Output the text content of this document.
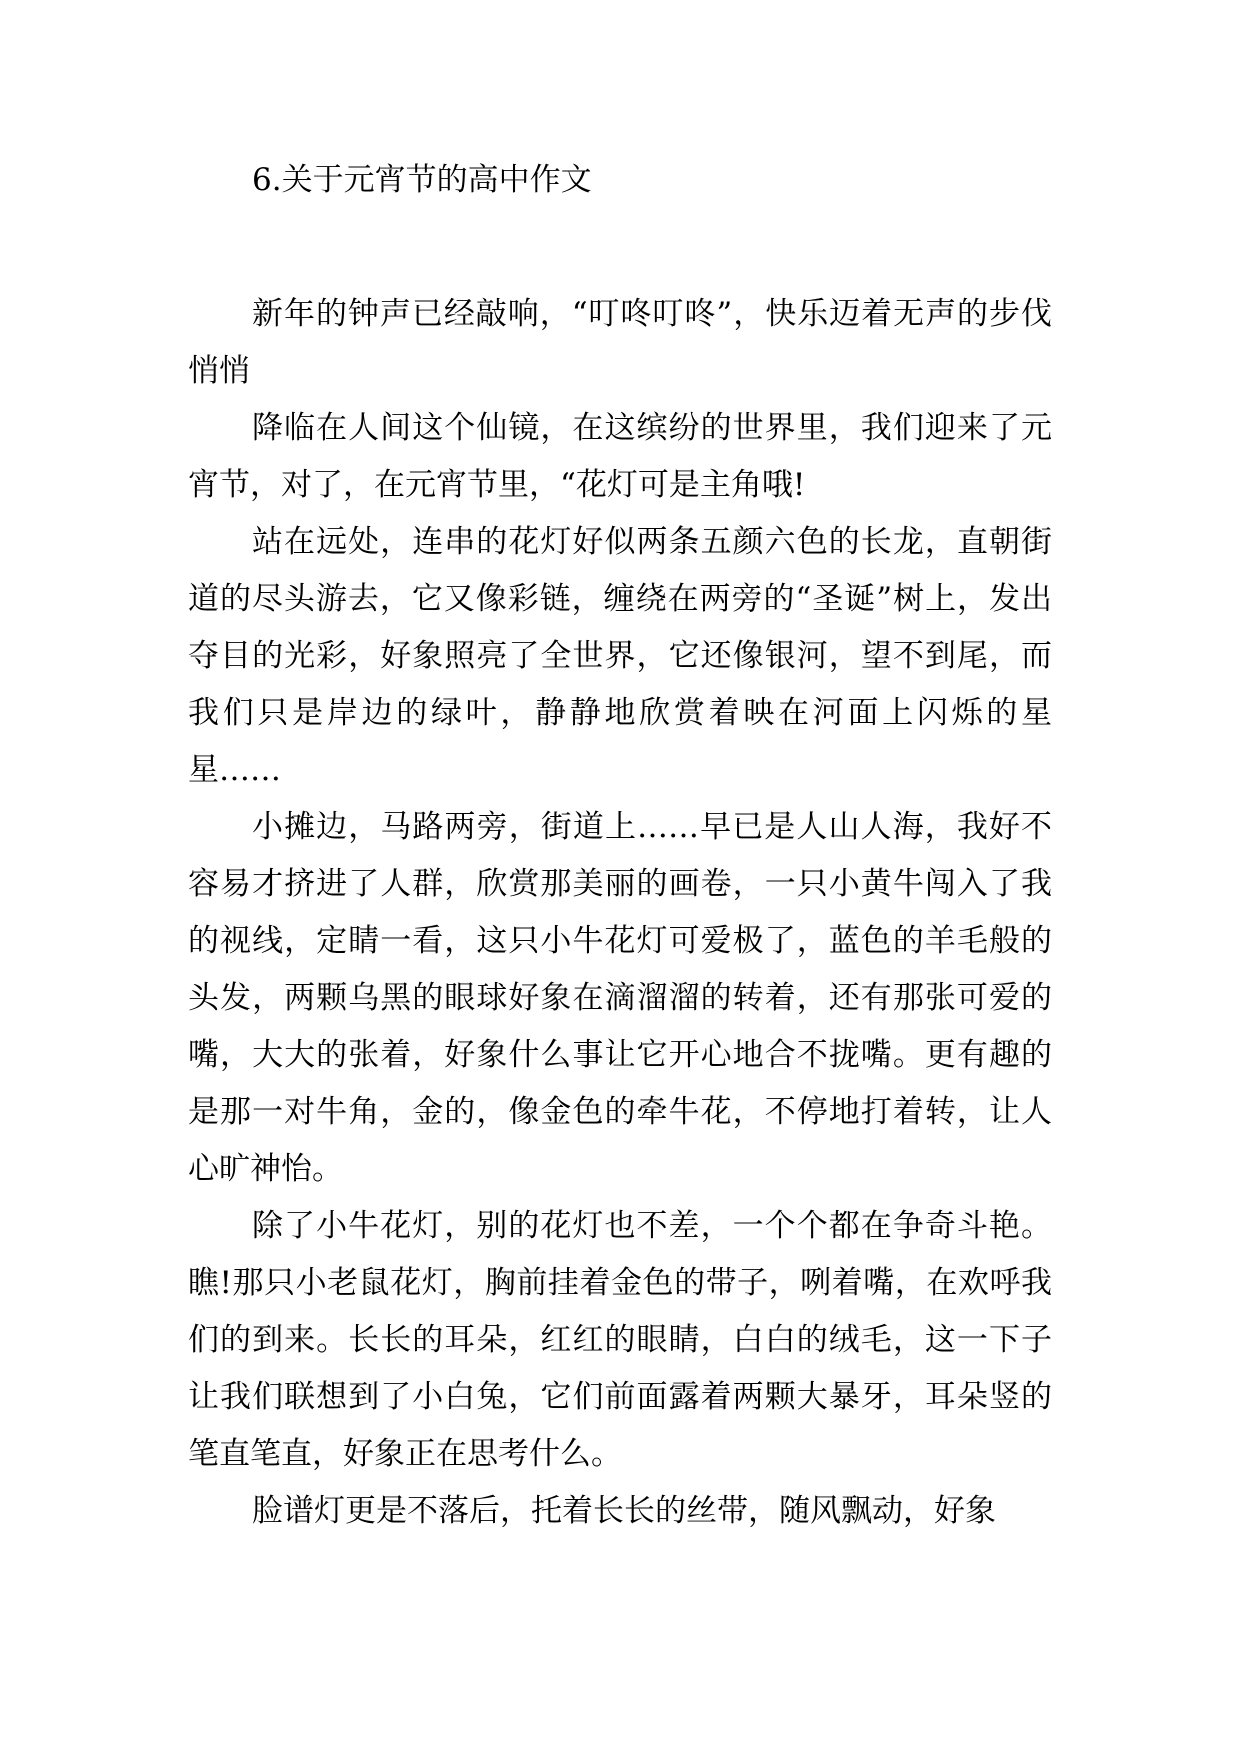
6.关于元宵节的高中作文

新年的钟声已经敲响，“叮咚叮咚”，快乐迈着无声的步伐悄悄

降临在人间这个仙镜，在这缤纷的世界里，我们迎来了元宵节，对了，在元宵节里，“花灯可是主角哦!

站在远处，连串的花灯好似两条五颜六色的长龙，直朝街道的尽头游去，它又像彩链，缠绕在两旁的“圣诞”树上，发出夺目的光彩，好象照亮了全世界，它还像银河，望不到尾，而我们只是岸边的绿叶，静静地欣赏着映在河面上闪烁的星星……

小摊边，马路两旁，街道上……早已是人山人海，我好不容易才挤进了人群，欣赏那美丽的画卷，一只小黄牛闯入了我的视线，定睛一看，这只小牛花灯可爱极了，蓝色的羊毛般的头发，两颗乌黑的眼球好象在滴溜溜的转着，还有那张可爱的嘴，大大的张着，好象什么事让它开心地合不拢嘴。更有趣的是那一对牛角，金的，像金色的牵牛花，不停地打着转，让人心旷神怡。

除了小牛花灯，别的花灯也不差，一个个都在争奇斗艳。瞧!那只小老鼠花灯，胸前挂着金色的带子，咧着嘴，在欢呼我们的到来。长长的耳朵，红红的眼睛，白白的绒毛，这一下子让我们联想到了小白兔，它们前面露着两颗大暴牙，耳朵竖的笔直笔直，好象正在思考什么。

脸谱灯更是不落后，托着长长的丝带，随风飘动，好象
